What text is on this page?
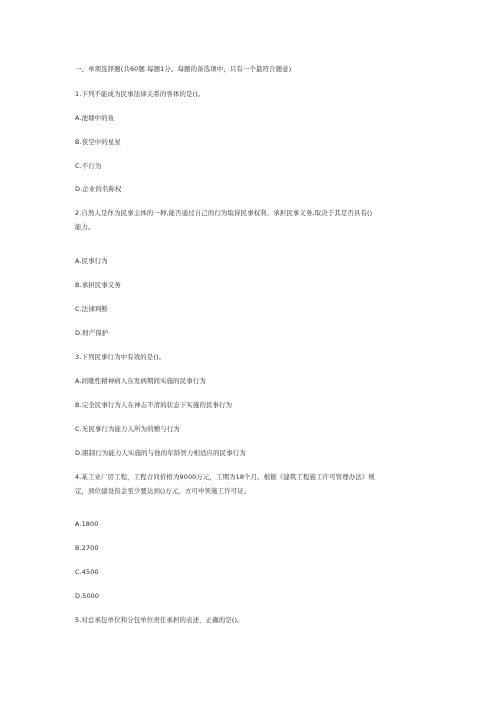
一、单项选择题(共60题.每题1分。每题的备选项中，只有一个最符合题意)
1.下列不能成为民事法律关系的客体的是()。
A.池塘中的鱼
B.夜空中的星星
C.不行为
D.企业的名称权
2.自然人是作为民事主体的一种,能否通过自己的行为取得民事权利、承担民事义务,取决于其是否具有()
能力。
A.民事行为
B.承担民事义务
C.法律判断
D.财产保护
3.下列民事行为中有效的是()。
A.间歇性精神病人在发病期间实施的民事行为
B.完全民事行为人在神志不清的状态下实施的民事行为
C.无民事行为能力人所为的赠与行为
D.限制行为能力人实施的与他的年龄智力相适应的民事行为
4.某工业厂房工程，工程合同价格为9000万元，工期为18个月。根据《建筑工程施工许可管理办法》规
定，到位建设资金至少要达到()万元，方可申领施工许可证。
A.1800
B.2700
C.4500
D.5000
5.对总承包单位和分包单位责任承担的表述，正确的是()。
